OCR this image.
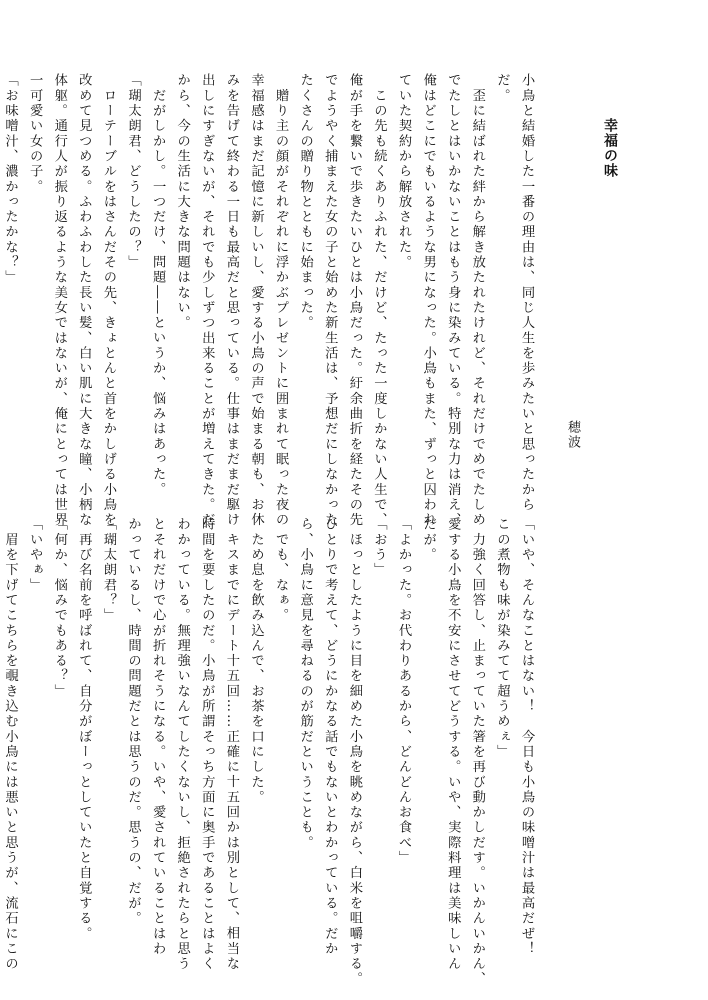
幸福の味
穂波
小鳥と結婚した一番の理由は、同じ人生を歩みたいと思ったから
だ。
　歪に結ばれた絆から解き放たれたけれど、それだけでめでたしめ
でたしとはいかないことはもう身に染みている。特別な力は消え、
俺はどこにでもいるような男になった。小鳥もまた、ずっと囚われ
ていた契約から解放された。
　この先も続くありふれた、だけど、たった一度しかない人生で、
俺が手を繋いで歩きたいひとは小鳥だった。紆余曲折を経たその先
でようやく捕まえた女の子と始めた新生活は、予想だにしなかった
たくさんの贈り物とともに始まった。
　贈り主の顔がそれぞれに浮かぶプレゼントに囲まれて眠った夜の
幸福感はまだ記憶に新しいし、愛する小鳥の声で始まる朝も、お休
みを告げて終わる一日も最高だと思っている。仕事はまだまだ駆け
出しにすぎないが、それでも少しずつ出来ることが増えてきた。だ
から、今の生活に大きな問題はない。
　だがしかし。一つだけ、問題――というか、悩みはあった。
「瑚太朗君、どうしたの？」
　ローテーブルをはさんだその先、きょとんと首をかしげる小鳥を
改めて見つめる。ふわふわした長い髪、白い肌に大きな瞳、小柄な
体躯。通行人が振り返るような美女ではないが、俺にとっては世界
一可愛い女の子。
「お味噌汁、濃かったかな？」
「いや、そんなことはない！　今日も小鳥の味噌汁は最高だぜ！
この煮物も味が染みてて超うめぇ」
　力強く回答し、止まっていた箸を再び動かしだす。いかんいかん、
愛する小鳥を不安にさせてどうする。いや、実際料理は美味しいん
だが。
「よかった。お代わりあるから、どんどんお食べ」
「おう」
　ほっとしたように目を細めた小鳥を眺めながら、白米を咀嚼する。
ひとりで考えて、どうにかなる話でもないとわかっている。だか
ら、小鳥に意見を尋ねるのが筋だということも。
　でも、なぁ。
　ため息を飲み込んで、お茶を口にした。
　キスまでにデート十五回……正確に十五回かは別として、相当な
時間を要したのだ。小鳥が所謂そっち方面に奥手であることはよく
わかっている。無理強いなんてしたくないし、拒絶されたらと思う
とそれだけで心が折れそうになる。いや、愛されていることはわ
かっているし、時間の問題だとは思うのだ。思うの、だが。
「瑚太朗君？」
　再び名前を呼ばれて、自分がぼーっとしていたと自覚する。
「何か、悩みでもある？」
「いやぁ」
　眉を下げてこちらを覗き込む小鳥には悪いと思うが、流石にこの
